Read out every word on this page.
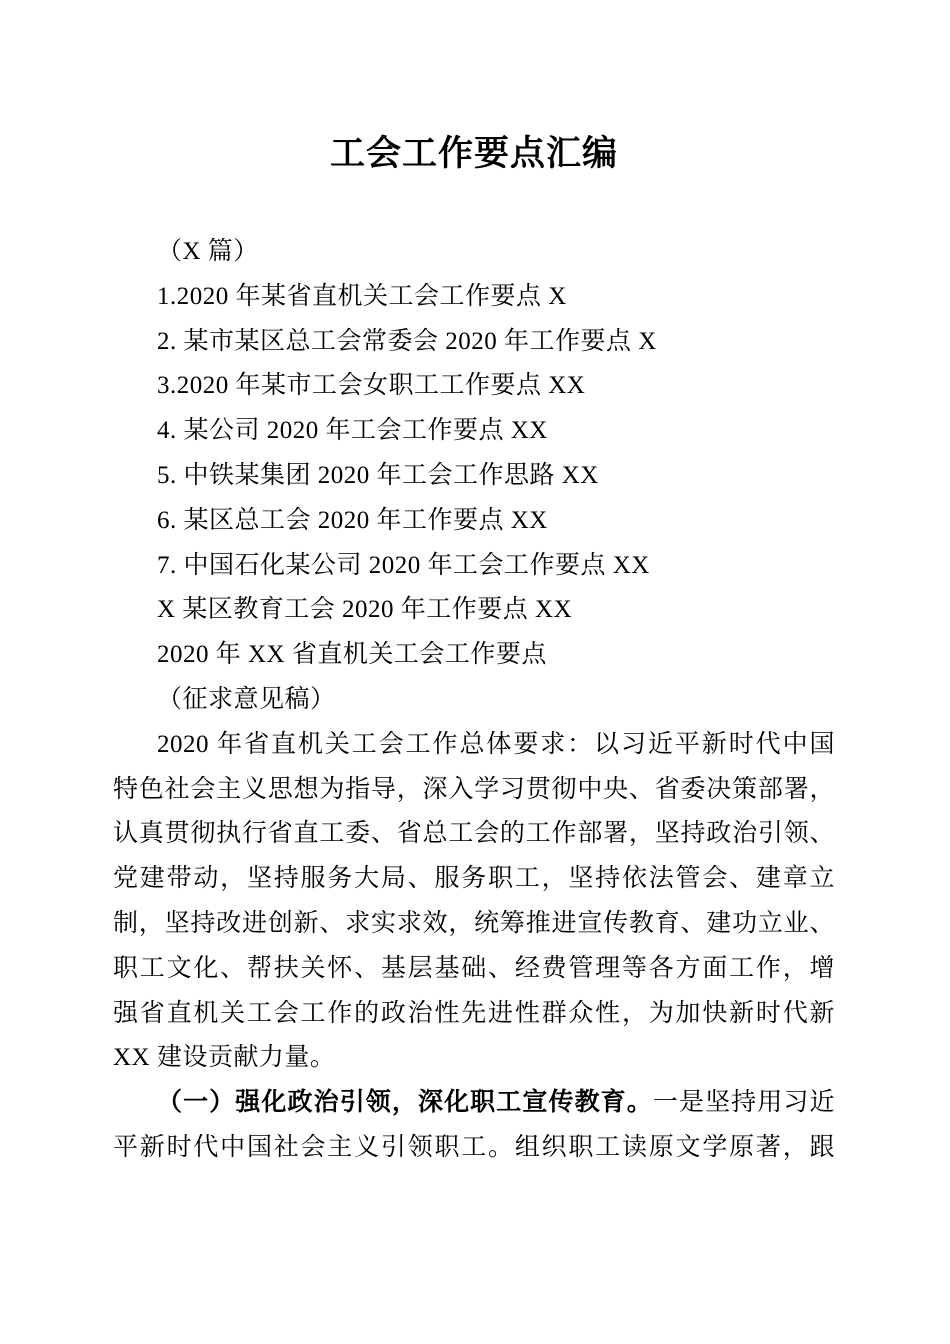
工会工作要点汇编
（X 篇）
1.2020 年某省直机关工会工作要点 X
2. 某市某区总工会常委会 2020 年工作要点 X
3.2020 年某市工会女职工工作要点 XX
4. 某公司 2020 年工会工作要点 XX
5. 中铁某集团 2020 年工会工作思路 XX
6. 某区总工会 2020 年工作要点 XX
7. 中国石化某公司 2020 年工会工作要点 XX
X 某区教育工会 2020 年工作要点 XX
2020 年 XX 省直机关工会工作要点
（征求意见稿）
2020 年省直机关工会工作总体要求：以习近平新时代中国
特色社会主义思想为指导，深入学习贯彻中央、省委决策部署，
认真贯彻执行省直工委、省总工会的工作部署，坚持政治引领、
党建带动，坚持服务大局、服务职工，坚持依法管会、建章立
制，坚持改进创新、求实求效，统筹推进宣传教育、建功立业、
职工文化、帮扶关怀、基层基础、经费管理等各方面工作，增
强省直机关工会工作的政治性先进性群众性，为加快新时代新
XX 建设贡献力量。
（一）强化政治引领，深化职工宣传教育。一是坚持用习近
平新时代中国社会主义引领职工。组织职工读原文学原著，跟
